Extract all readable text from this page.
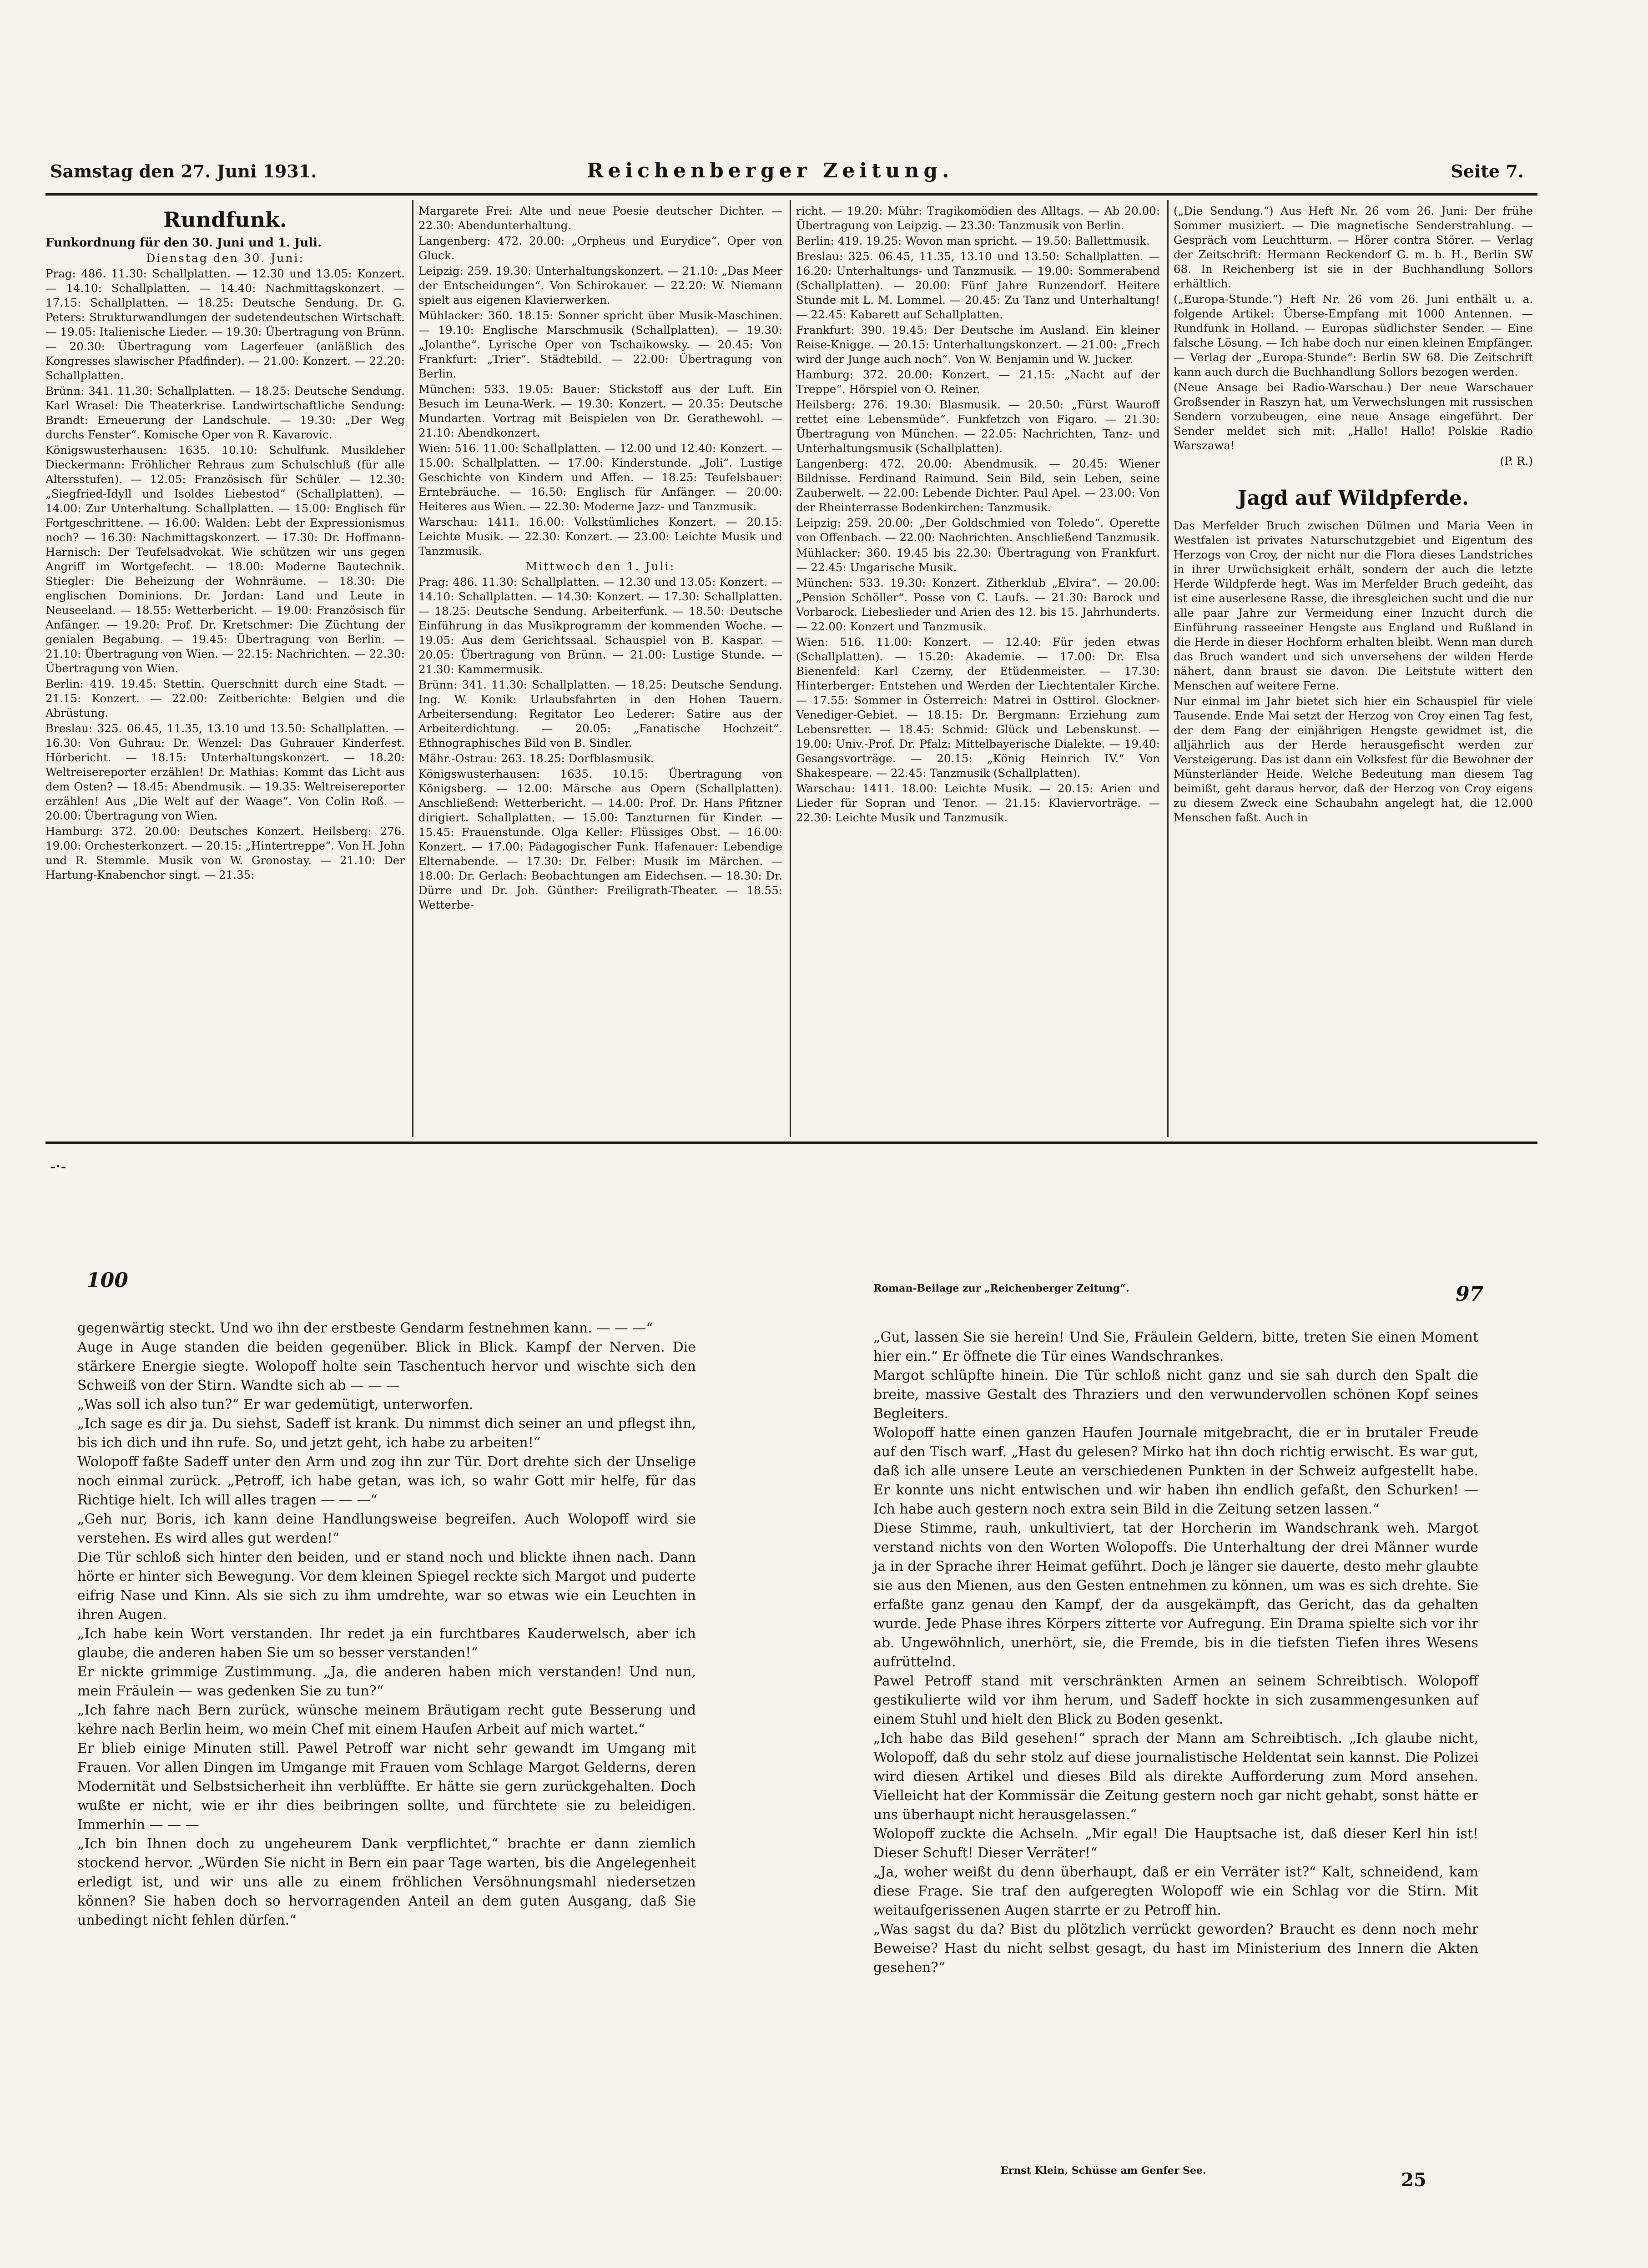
Samstag den 27. Juni 1931.	Reichenberger Zeitung.	Seite 7.
Rundfunk.

Funkordnung für den 30. Juni und 1. Juli.

Dienstag den 30. Juni:

Prag: 486. 11.30: Schallplatten. — 12.30 und 13.05: Konzert. — 14.10: Schallplatten. — 14.40: Nachmittagskonzert. — 17.15: Schallplatten. — 18.25: Deutsche Sendung. Dr. G. Peters: Strukturwandlungen der sudetendeutschen Wirtschaft. — 19.05: Italienische Lieder. — 19.30: Übertragung von Brünn. — 20.30: Übertragung vom Lagerfeuer (anläßlich des Kongresses slawischer Pfadfinder). — 21.00: Konzert. — 22.20: Schallplatten.

Brünn: 341. 11.30: Schallplatten. — 18.25: Deutsche Sendung. Karl Wrasel: Die Theaterkrise. Landwirtschaftliche Sendung: Brandt: Erneuerung der Landschule. — 19.30: „Der Weg durchs Fenster“. Komische Oper von R. Kavarovic.

Königswusterhausen: 1635. 10.10: Schulfunk. Musikleher Dieckermann: Fröhlicher Rehraus zum Schulschluß (für alle Altersstufen). — 12.05: Französisch für Schüler. — 12.30: „Siegfried-Idyll und Isoldes Liebestod“ (Schallplatten). — 14.00: Zur Unterhaltung. Schallplatten. — 15.00: Englisch für Fortgeschrittene. — 16.00: Walden: Lebt der Expressionismus noch? — 16.30: Nachmittagskonzert. — 17.30: Dr. Hoffmann-Harnisch: Der Teufelsadvokat. Wie schützen wir uns gegen Angriff im Wortgefecht. — 18.00: Moderne Bautechnik. Stiegler: Die Beheizung der Wohnräume. — 18.30: Die englischen Dominions. Dr. Jordan: Land und Leute in Neuseeland. — 18.55: Wetterbericht. — 19.00: Französisch für Anfänger. — 19.20: Prof. Dr. Kretschmer: Die Züchtung der genialen Begabung. — 19.45: Übertragung von Berlin. — 21.10: Übertragung von Wien. — 22.15: Nachrichten. — 22.30: Übertragung von Wien.

Berlin: 419. 19.45: Stettin. Querschnitt durch eine Stadt. — 21.15: Konzert. — 22.00: Zeitberichte: Belgien und die Abrüstung.

Breslau: 325. 06.45, 11.35, 13.10 und 13.50: Schallplatten. — 16.30: Von Guhrau: Dr. Wenzel: Das Guhrauer Kinderfest. Hörbericht. — 18.15: Unterhaltungskonzert. — 18.20: Weltreisereporter erzählen! Dr. Mathias: Kommt das Licht aus dem Osten? — 18.45: Abendmusik. — 19.35: Weltreisereporter erzählen! Aus „Die Welt auf der Waage“. Von Colin Roß. — 20.00: Übertragung von Wien.

Hamburg: 372. 20.00: Deutsches Konzert. Heilsberg: 276. 19.00: Orchesterkonzert. — 20.15: „Hintertreppe“. Von H. John und R. Stemmle. Musik von W. Gronostay. — 21.10: Der Hartung-Knabenchor singt. — 21.35:

Margarete Frei: Alte und neue Poesie deutscher Dichter. — 22.30: Abendunterhaltung.

Langenberg: 472. 20.00: „Orpheus und Eurydice“. Oper von Gluck.

Leipzig: 259. 19.30: Unterhaltungskonzert. — 21.10: „Das Meer der Entscheidungen“. Von Schirokauer. — 22.20: W. Niemann spielt aus eigenen Klavierwerken.

Mühlacker: 360. 18.15: Sonner spricht über Musik-Maschinen. — 19.10: Englische Marschmusik (Schallplatten). — 19.30: „Jolanthe“. Lyrische Oper von Tschaikowsky. — 20.45: Von Frankfurt: „Trier“. Städtebild. — 22.00: Übertragung von Berlin.

München: 533. 19.05: Bauer: Stickstoff aus der Luft. Ein Besuch im Leuna-Werk. — 19.30: Konzert. — 20.35: Deutsche Mundarten. Vortrag mit Beispielen von Dr. Gerathewohl. — 21.10: Abendkonzert.

Wien: 516. 11.00: Schallplatten. — 12.00 und 12.40: Konzert. — 15.00: Schallplatten. — 17.00: Kinderstunde. „Joli“. Lustige Geschichte von Kindern und Affen. — 18.25: Teufelsbauer: Erntebräuche. — 16.50: Englisch für Anfänger. — 20.00: Heiteres aus Wien. — 22.30: Moderne Jazz- und Tanzmusik.

Warschau: 1411. 16.00: Volkstümliches Konzert. — 20.15: Leichte Musik. — 22.30: Konzert. — 23.00: Leichte Musik und Tanzmusik.

Mittwoch den 1. Juli:

Prag: 486. 11.30: Schallplatten. — 12.30 und 13.05: Konzert. — 14.10: Schallplatten. — 14.30: Konzert. — 17.30: Schallplatten. — 18.25: Deutsche Sendung. Arbeiterfunk. — 18.50: Deutsche Einführung in das Musikprogramm der kommenden Woche. — 19.05: Aus dem Gerichtssaal. Schauspiel von B. Kaspar. — 20.05: Übertragung von Brünn. — 21.00: Lustige Stunde. — 21.30: Kammermusik.

Brünn: 341. 11.30: Schallplatten. — 18.25: Deutsche Sendung. Ing. W. Konik: Urlaubsfahrten in den Hohen Tauern. Arbeitersendung: Regitator Leo Lederer: Satire aus der Arbeiterdichtung. — 20.05: „Fanatische Hochzeit“. Ethnographisches Bild von B. Sindler.

Mähr.-Ostrau: 263. 18.25: Dorfblasmusik.

Königswusterhausen: 1635. 10.15: Übertragung von Königsberg. — 12.00: Märsche aus Opern (Schallplatten). Anschließend: Wetterbericht. — 14.00: Prof. Dr. Hans Pfitzner dirigiert. Schallplatten. — 15.00: Tanzturnen für Kinder. — 15.45: Frauenstunde. Olga Keller: Flüssiges Obst. — 16.00: Konzert. — 17.00: Pädagogischer Funk. Hafenauer: Lebendige Elternabende. — 17.30: Dr. Felber: Musik im Märchen. — 18.00: Dr. Gerlach: Beobachtungen am Eidechsen. — 18.30: Dr. Dürre und Dr. Joh. Günther: Freiligrath-Theater. — 18.55: Wetterbe-

richt. — 19.20: Mühr: Tragikomödien des Alltags. — Ab 20.00: Übertragung von Leipzig. — 23.30: Tanzmusik von Berlin.

Berlin: 419. 19.25: Wovon man spricht. — 19.50: Ballettmusik.

Breslau: 325. 06.45, 11.35, 13.10 und 13.50: Schallplatten. — 16.20: Unterhaltungs- und Tanzmusik. — 19.00: Sommerabend (Schallplatten). — 20.00: Fünf Jahre Runzendorf. Heitere Stunde mit L. M. Lommel. — 20.45: Zu Tanz und Unterhaltung! — 22.45: Kabarett auf Schallplatten.

Frankfurt: 390. 19.45: Der Deutsche im Ausland. Ein kleiner Reise-Knigge. — 20.15: Unterhaltungskonzert. — 21.00: „Frech wird der Junge auch noch“. Von W. Benjamin und W. Jucker.

Hamburg: 372. 20.00: Konzert. — 21.15: „Nacht auf der Treppe“. Hörspiel von O. Reiner.

Heilsberg: 276. 19.30: Blasmusik. — 20.50: „Fürst Wauroff rettet eine Lebensmüde“. Funkfetzch von Figaro. — 21.30: Übertragung von München. — 22.05: Nachrichten, Tanz- und Unterhaltungsmusik (Schallplatten).

Langenberg: 472. 20.00: Abendmusik. — 20.45: Wiener Bildnisse. Ferdinand Raimund. Sein Bild, sein Leben, seine Zauberwelt. — 22.00: Lebende Dichter. Paul Apel. — 23.00: Von der Rheinterrasse Bodenkirchen: Tanzmusik.

Leipzig: 259. 20.00: „Der Goldschmied von Toledo“. Operette von Offenbach. — 22.00: Nachrichten. Anschließend Tanzmusik.

Mühlacker: 360. 19.45 bis 22.30: Übertragung von Frankfurt. — 22.45: Ungarische Musik.

München: 533. 19.30: Konzert. Zitherklub „Elvira“. — 20.00: „Pension Schöller“. Posse von C. Laufs. — 21.30: Barock und Vorbarock. Liebeslieder und Arien des 12. bis 15. Jahrhunderts. — 22.00: Konzert und Tanzmusik.

Wien: 516. 11.00: Konzert. — 12.40: Für jeden etwas (Schallplatten). — 15.20: Akademie. — 17.00: Dr. Elsa Bienenfeld: Karl Czerny, der Etüdenmeister. — 17.30: Hinterberger: Entstehen und Werden der Liechtentaler Kirche. — 17.55: Sommer in Österreich: Matrei in Osttirol. Glockner-Venediger-Gebiet. — 18.15: Dr. Bergmann: Erziehung zum Lebensretter. — 18.45: Schmid: Glück und Lebenskunst. — 19.00: Univ.-Prof. Dr. Pfalz: Mittelbayerische Dialekte. — 19.40: Gesangsvorträge. — 20.15: „König Heinrich IV.“ Von Shakespeare. — 22.45: Tanzmusik (Schallplatten).

Warschau: 1411. 18.00: Leichte Musik. — 20.15: Arien und Lieder für Sopran und Tenor. — 21.15: Klaviervorträge. — 22.30: Leichte Musik und Tanzmusik.

(„Die Sendung.“) Aus Heft Nr. 26 vom 26. Juni: Der frühe Sommer musiziert. — Die magnetische Senderstrahlung. — Gespräch vom Leuchtturm. — Hörer contra Störer. — Verlag der Zeitschrift: Hermann Reckendorf G. m. b. H., Berlin SW 68. In Reichenberg ist sie in der Buchhandlung Sollors erhältlich.

(„Europa-Stunde.“) Heft Nr. 26 vom 26. Juni enthält u. a. folgende Artikel: Überse-Empfang mit 1000 Antennen. — Rundfunk in Holland. — Europas südlichster Sender. — Eine falsche Lösung. — Ich habe doch nur einen kleinen Empfänger. — Verlag der „Europa-Stunde“: Berlin SW 68. Die Zeitschrift kann auch durch die Buchhandlung Sollors bezogen werden.

(Neue Ansage bei Radio-Warschau.) Der neue Warschauer Großsender in Raszyn hat, um Verwechslungen mit russischen Sendern vorzubeugen, eine neue Ansage eingeführt. Der Sender meldet sich mit: „Hallo! Hallo! Polskie Radio Warszawa!

(P. R.)

Jagd auf Wildpferde.

Das Merfelder Bruch zwischen Dülmen und Maria Veen in Westfalen ist privates Naturschutzgebiet und Eigentum des Herzogs von Croy, der nicht nur die Flora dieses Landstriches in ihrer Urwüchsigkeit erhält, sondern der auch die letzte Herde Wildpferde hegt. Was im Merfelder Bruch gedeiht, das ist eine auserlesene Rasse, die ihresgleichen sucht und die nur alle paar Jahre zur Vermeidung einer Inzucht durch die Einführung rasseeiner Hengste aus England und Rußland in die Herde in dieser Hochform erhalten bleibt. Wenn man durch das Bruch wandert und sich unversehens der wilden Herde nähert, dann braust sie davon. Die Leitstute wittert den Menschen auf weitere Ferne.

Nur einmal im Jahr bietet sich hier ein Schauspiel für viele Tausende. Ende Mai setzt der Herzog von Croy einen Tag fest, der dem Fang der einjährigen Hengste gewidmet ist, die alljährlich aus der Herde herausgefischt werden zur Versteigerung. Das ist dann ein Volksfest für die Bewohner der Münsterländer Heide. Welche Bedeutung man diesem Tag beimißt, geht daraus hervor, daß der Herzog von Croy eigens zu diesem Zweck eine Schaubahn angelegt hat, die 12.000 Menschen faßt. Auch in

-·-
100

gegenwärtig steckt. Und wo ihn der erstbeste Gendarm festnehmen kann. — — —“

Auge in Auge standen die beiden gegenüber. Blick in Blick. Kampf der Nerven. Die stärkere Energie siegte. Wolopoff holte sein Taschentuch hervor und wischte sich den Schweiß von der Stirn. Wandte sich ab — — —

„Was soll ich also tun?“ Er war gedemütigt, unterworfen.

„Ich sage es dir ja. Du siehst, Sadeff ist krank. Du nimmst dich seiner an und pflegst ihn, bis ich dich und ihn rufe. So, und jetzt geht, ich habe zu arbeiten!“

Wolopoff faßte Sadeff unter den Arm und zog ihn zur Tür. Dort drehte sich der Unselige noch einmal zurück. „Petroff, ich habe getan, was ich, so wahr Gott mir helfe, für das Richtige hielt. Ich will alles tragen — — —“

„Geh nur, Boris, ich kann deine Handlungsweise begreifen. Auch Wolopoff wird sie verstehen. Es wird alles gut werden!“

Die Tür schloß sich hinter den beiden, und er stand noch und blickte ihnen nach. Dann hörte er hinter sich Bewegung. Vor dem kleinen Spiegel reckte sich Margot und puderte eifrig Nase und Kinn. Als sie sich zu ihm umdrehte, war so etwas wie ein Leuchten in ihren Augen.

„Ich habe kein Wort verstanden. Ihr redet ja ein furchtbares Kauderwelsch, aber ich glaube, die anderen haben Sie um so besser verstanden!“

Er nickte grimmige Zustimmung. „Ja, die anderen haben mich verstanden! Und nun, mein Fräulein — was gedenken Sie zu tun?“

„Ich fahre nach Bern zurück, wünsche meinem Bräutigam recht gute Besserung und kehre nach Berlin heim, wo mein Chef mit einem Haufen Arbeit auf mich wartet.“

Er blieb einige Minuten still. Pawel Petroff war nicht sehr gewandt im Umgang mit Frauen. Vor allen Dingen im Umgange mit Frauen vom Schlage Margot Gelderns, deren Modernität und Selbstsicherheit ihn verblüffte. Er hätte sie gern zurückgehalten. Doch wußte er nicht, wie er ihr dies beibringen sollte, und fürchtete sie zu beleidigen. Immerhin — — —

„Ich bin Ihnen doch zu ungeheurem Dank verpflichtet,“ brachte er dann ziemlich stockend hervor. „Würden Sie nicht in Bern ein paar Tage warten, bis die Angelegenheit erledigt ist, und wir uns alle zu einem fröhlichen Versöhnungsmahl niedersetzen können? Sie haben doch so hervorragenden Anteil an dem guten Ausgang, daß Sie unbedingt nicht fehlen dürfen.“

Roman-Beilage zur „Reichenberger Zeitung“.	97

„Gut, lassen Sie sie herein! Und Sie, Fräulein Geldern, bitte, treten Sie einen Moment hier ein.“ Er öffnete die Tür eines Wandschrankes.

Margot schlüpfte hinein. Die Tür schloß nicht ganz und sie sah durch den Spalt die breite, massive Gestalt des Thraziers und den verwundervollen schönen Kopf seines Begleiters.

Wolopoff hatte einen ganzen Haufen Journale mitgebracht, die er in brutaler Freude auf den Tisch warf. „Hast du gelesen? Mirko hat ihn doch richtig erwischt. Es war gut, daß ich alle unsere Leute an verschiedenen Punkten in der Schweiz aufgestellt habe. Er konnte uns nicht entwischen und wir haben ihn endlich gefaßt, den Schurken! — Ich habe auch gestern noch extra sein Bild in die Zeitung setzen lassen.“

Diese Stimme, rauh, unkultiviert, tat der Horcherin im Wandschrank weh. Margot verstand nichts von den Worten Wolopoffs. Die Unterhaltung der drei Männer wurde ja in der Sprache ihrer Heimat geführt. Doch je länger sie dauerte, desto mehr glaubte sie aus den Mienen, aus den Gesten entnehmen zu können, um was es sich drehte. Sie erfaßte ganz genau den Kampf, der da ausgekämpft, das Gericht, das da gehalten wurde. Jede Phase ihres Körpers zitterte vor Aufregung. Ein Drama spielte sich vor ihr ab. Ungewöhnlich, unerhört, sie, die Fremde, bis in die tiefsten Tiefen ihres Wesens aufrüttelnd.

Pawel Petroff stand mit verschränkten Armen an seinem Schreibtisch. Wolopoff gestikulierte wild vor ihm herum, und Sadeff hockte in sich zusammengesunken auf einem Stuhl und hielt den Blick zu Boden gesenkt.

„Ich habe das Bild gesehen!“ sprach der Mann am Schreibtisch. „Ich glaube nicht, Wolopoff, daß du sehr stolz auf diese journalistische Heldentat sein kannst. Die Polizei wird diesen Artikel und dieses Bild als direkte Aufforderung zum Mord ansehen. Vielleicht hat der Kommissär die Zeitung gestern noch gar nicht gehabt, sonst hätte er uns überhaupt nicht herausgelassen.“

Wolopoff zuckte die Achseln. „Mir egal! Die Hauptsache ist, daß dieser Kerl hin ist! Dieser Schuft! Dieser Verräter!“

„Ja, woher weißt du denn überhaupt, daß er ein Verräter ist?“ Kalt, schneidend, kam diese Frage. Sie traf den aufgeregten Wolopoff wie ein Schlag vor die Stirn. Mit weitaufgerissenen Augen starrte er zu Petroff hin.

„Was sagst du da? Bist du plötzlich verrückt geworden? Braucht es denn noch mehr Beweise? Hast du nicht selbst gesagt, du hast im Ministerium des Innern die Akten gesehen?“

Ernst Klein, Schüsse am Genfer See.	25
